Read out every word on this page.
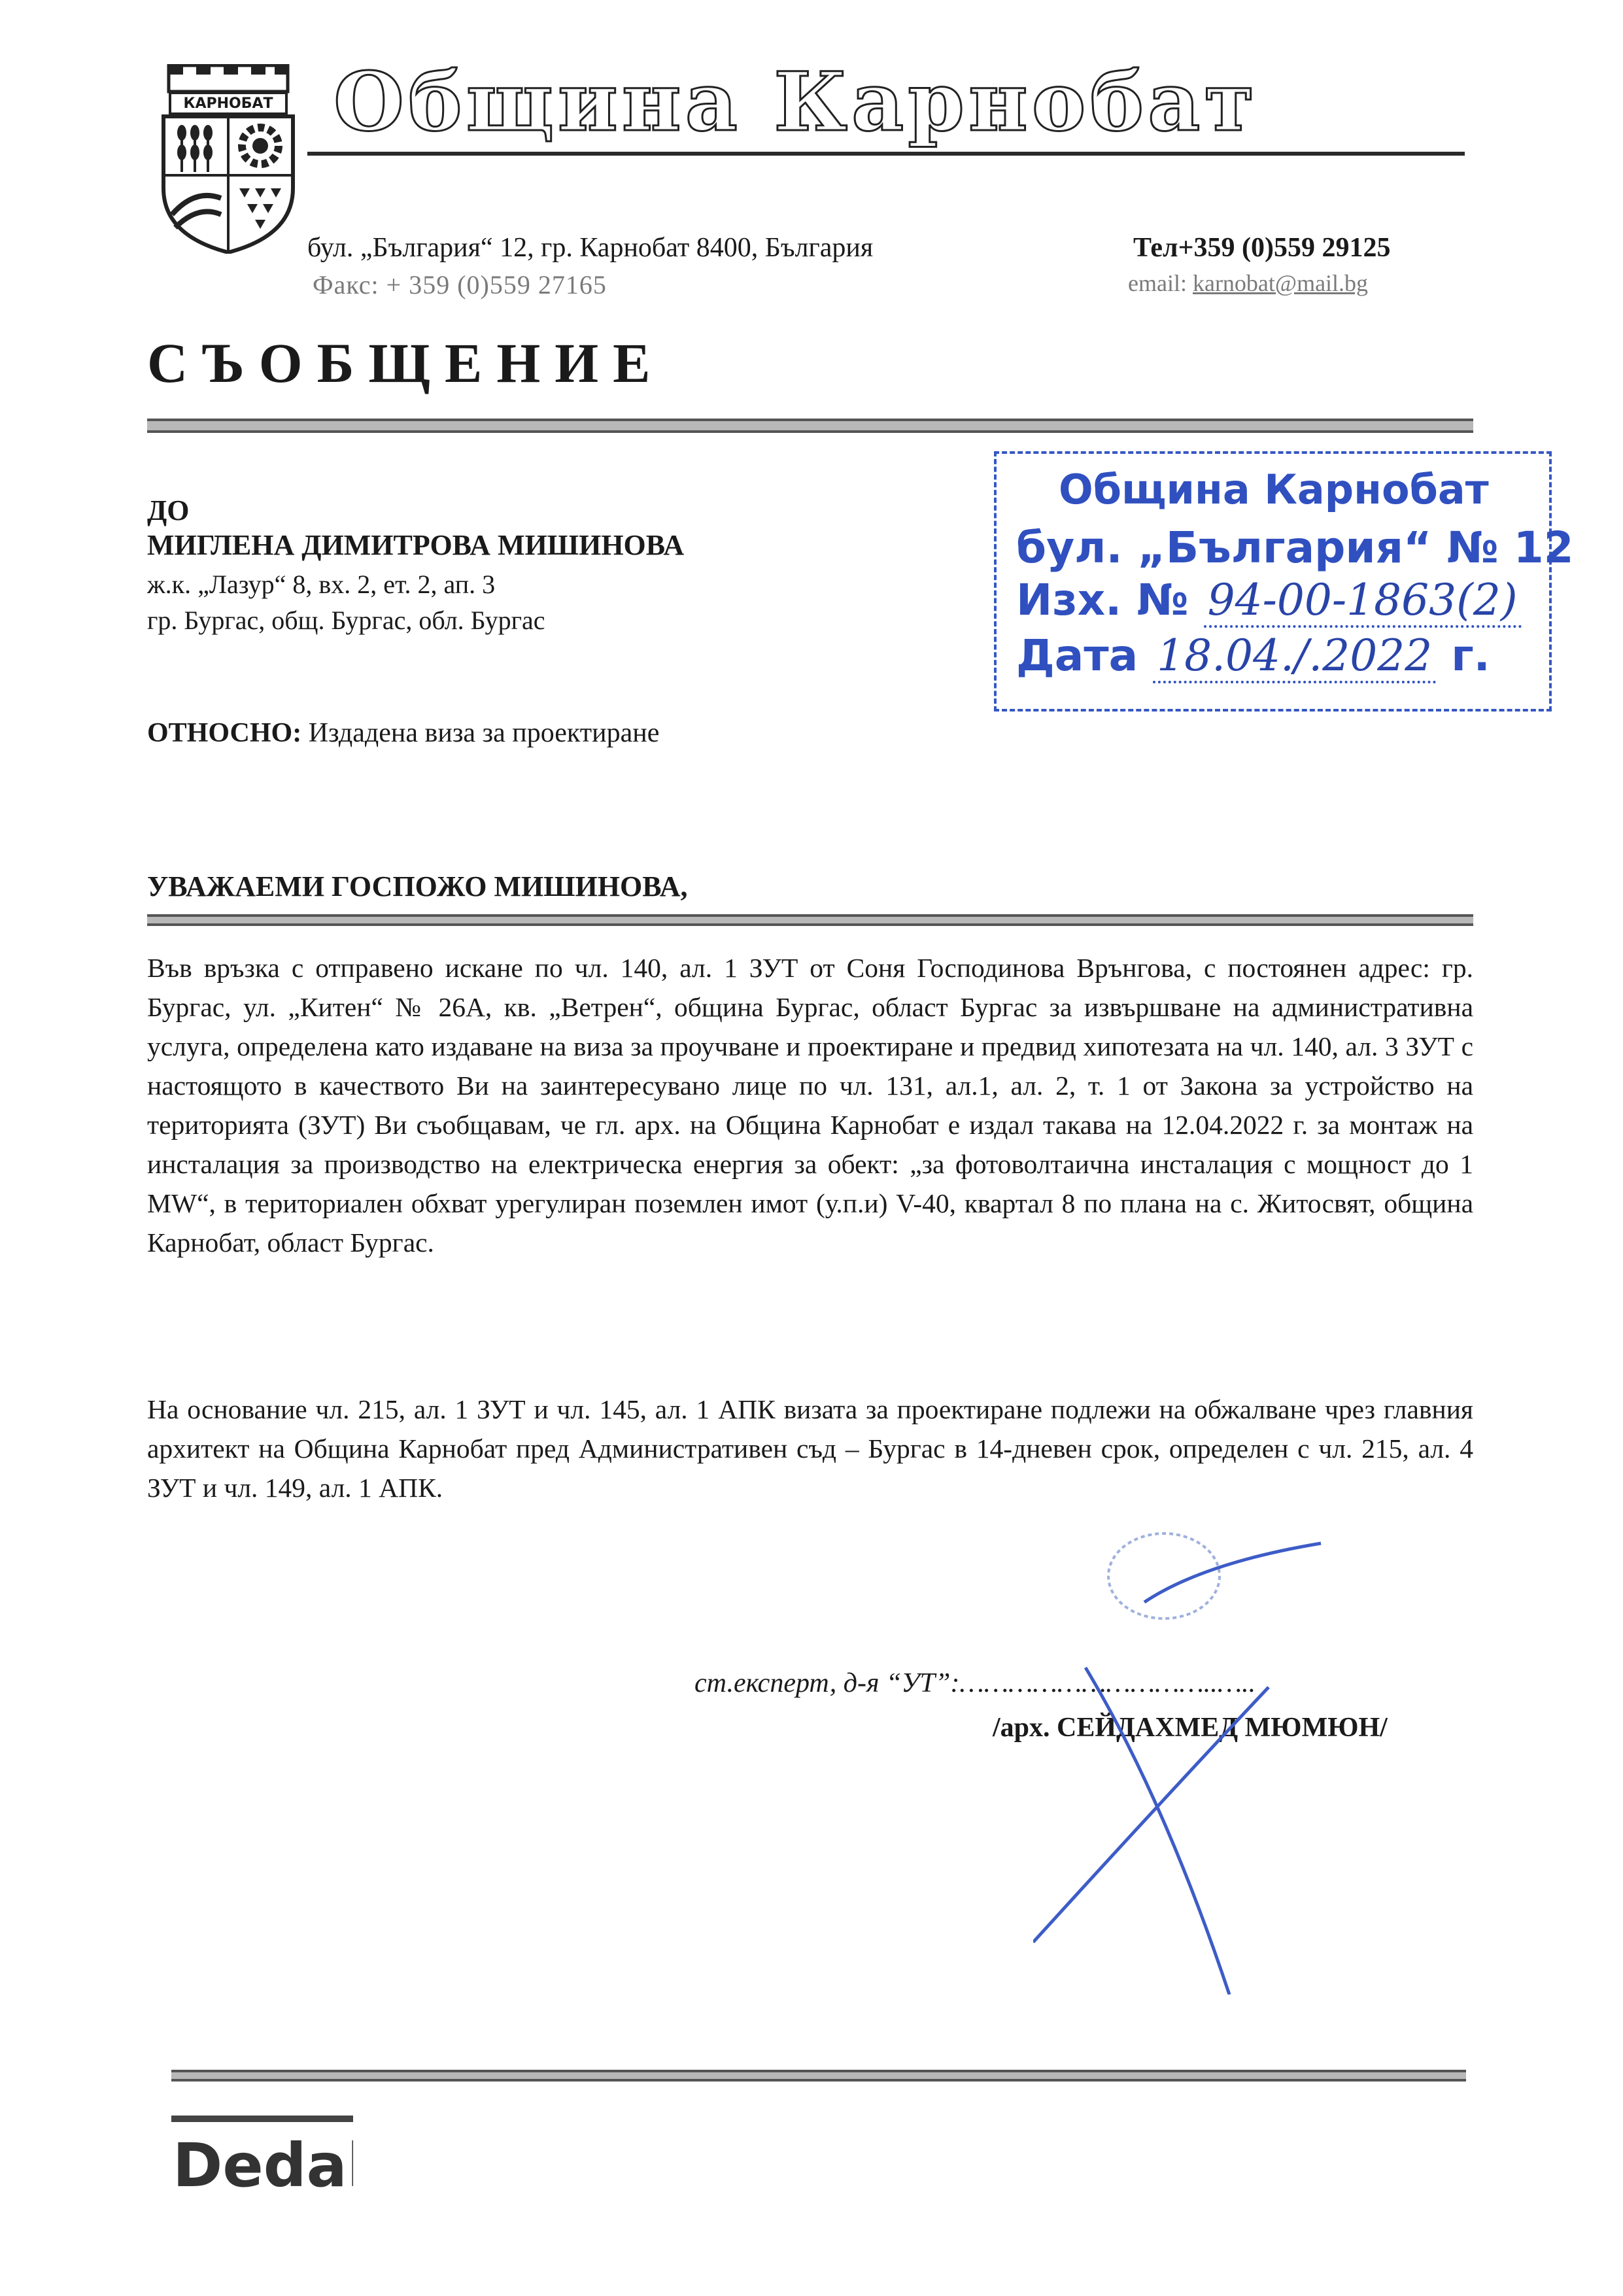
КАРНОБАТ Община Карнобат
бул. „България“ 12, гр. Карнобат 8400, България
Факс: + 359 (0)559 27165
Тел+359 (0)559 29125
email: karnobat@mail.bg
СЪОБЩЕНИЕ
Община Карнобат
бул. „България“ № 12
Изх. № 94-00-1863(2)
Дата 18.04./.2022 г.
ДО
МИГЛЕНА ДИМИТРОВА МИШИНОВА
ж.к. „Лазур“ 8, вх. 2, ет. 2, ап. 3
гр. Бургас, общ. Бургас, обл. Бургас
ОТНОСНО: Издадена виза за проектиране
УВАЖАЕМИ ГОСПОЖО МИШИНОВА,
Във връзка с отправено искане по чл. 140, ал. 1 ЗУТ от Соня Господинова Врънгова, с постоянен адрес: гр. Бургас, ул. „Китен“ № 26А, кв. „Ветрен“, община Бургас, област Бургас за извършване на административна услуга, определена като издаване на виза за проучване и проектиране и предвид хипотезата на чл. 140, ал. 3 ЗУТ с настоящото в качеството Ви на заинтересувано лице по чл. 131, ал.1, ал. 2, т. 1 от Закона за устройство на територията (ЗУТ) Ви съобщавам, че гл. арх. на Община Карнобат е издал такава на 12.04.2022 г. за монтаж на инсталация за производство на електрическа енергия за обект: „за фотоволтаична инсталация с мощност до 1 MW“, в териториален обхват урегулиран поземлен имот (у.п.и) V-40, квартал 8 по плана на с. Житосвят, община Карнобат, област Бургас.
На основание чл. 215, ал. 1 ЗУТ и чл. 145, ал. 1 АПК визата за проектиране подлежи на обжалване чрез главния архитект на Община Карнобат пред Административен съд – Бургас в 14-дневен срок, определен с чл. 215, ал. 4 ЗУТ и чл. 149, ал. 1 АПК.
ст.експерт, д-я “УТ”:…………………………..…..
/арх. СЕЙДАХМЕД МЮМЮН/
Dedal
